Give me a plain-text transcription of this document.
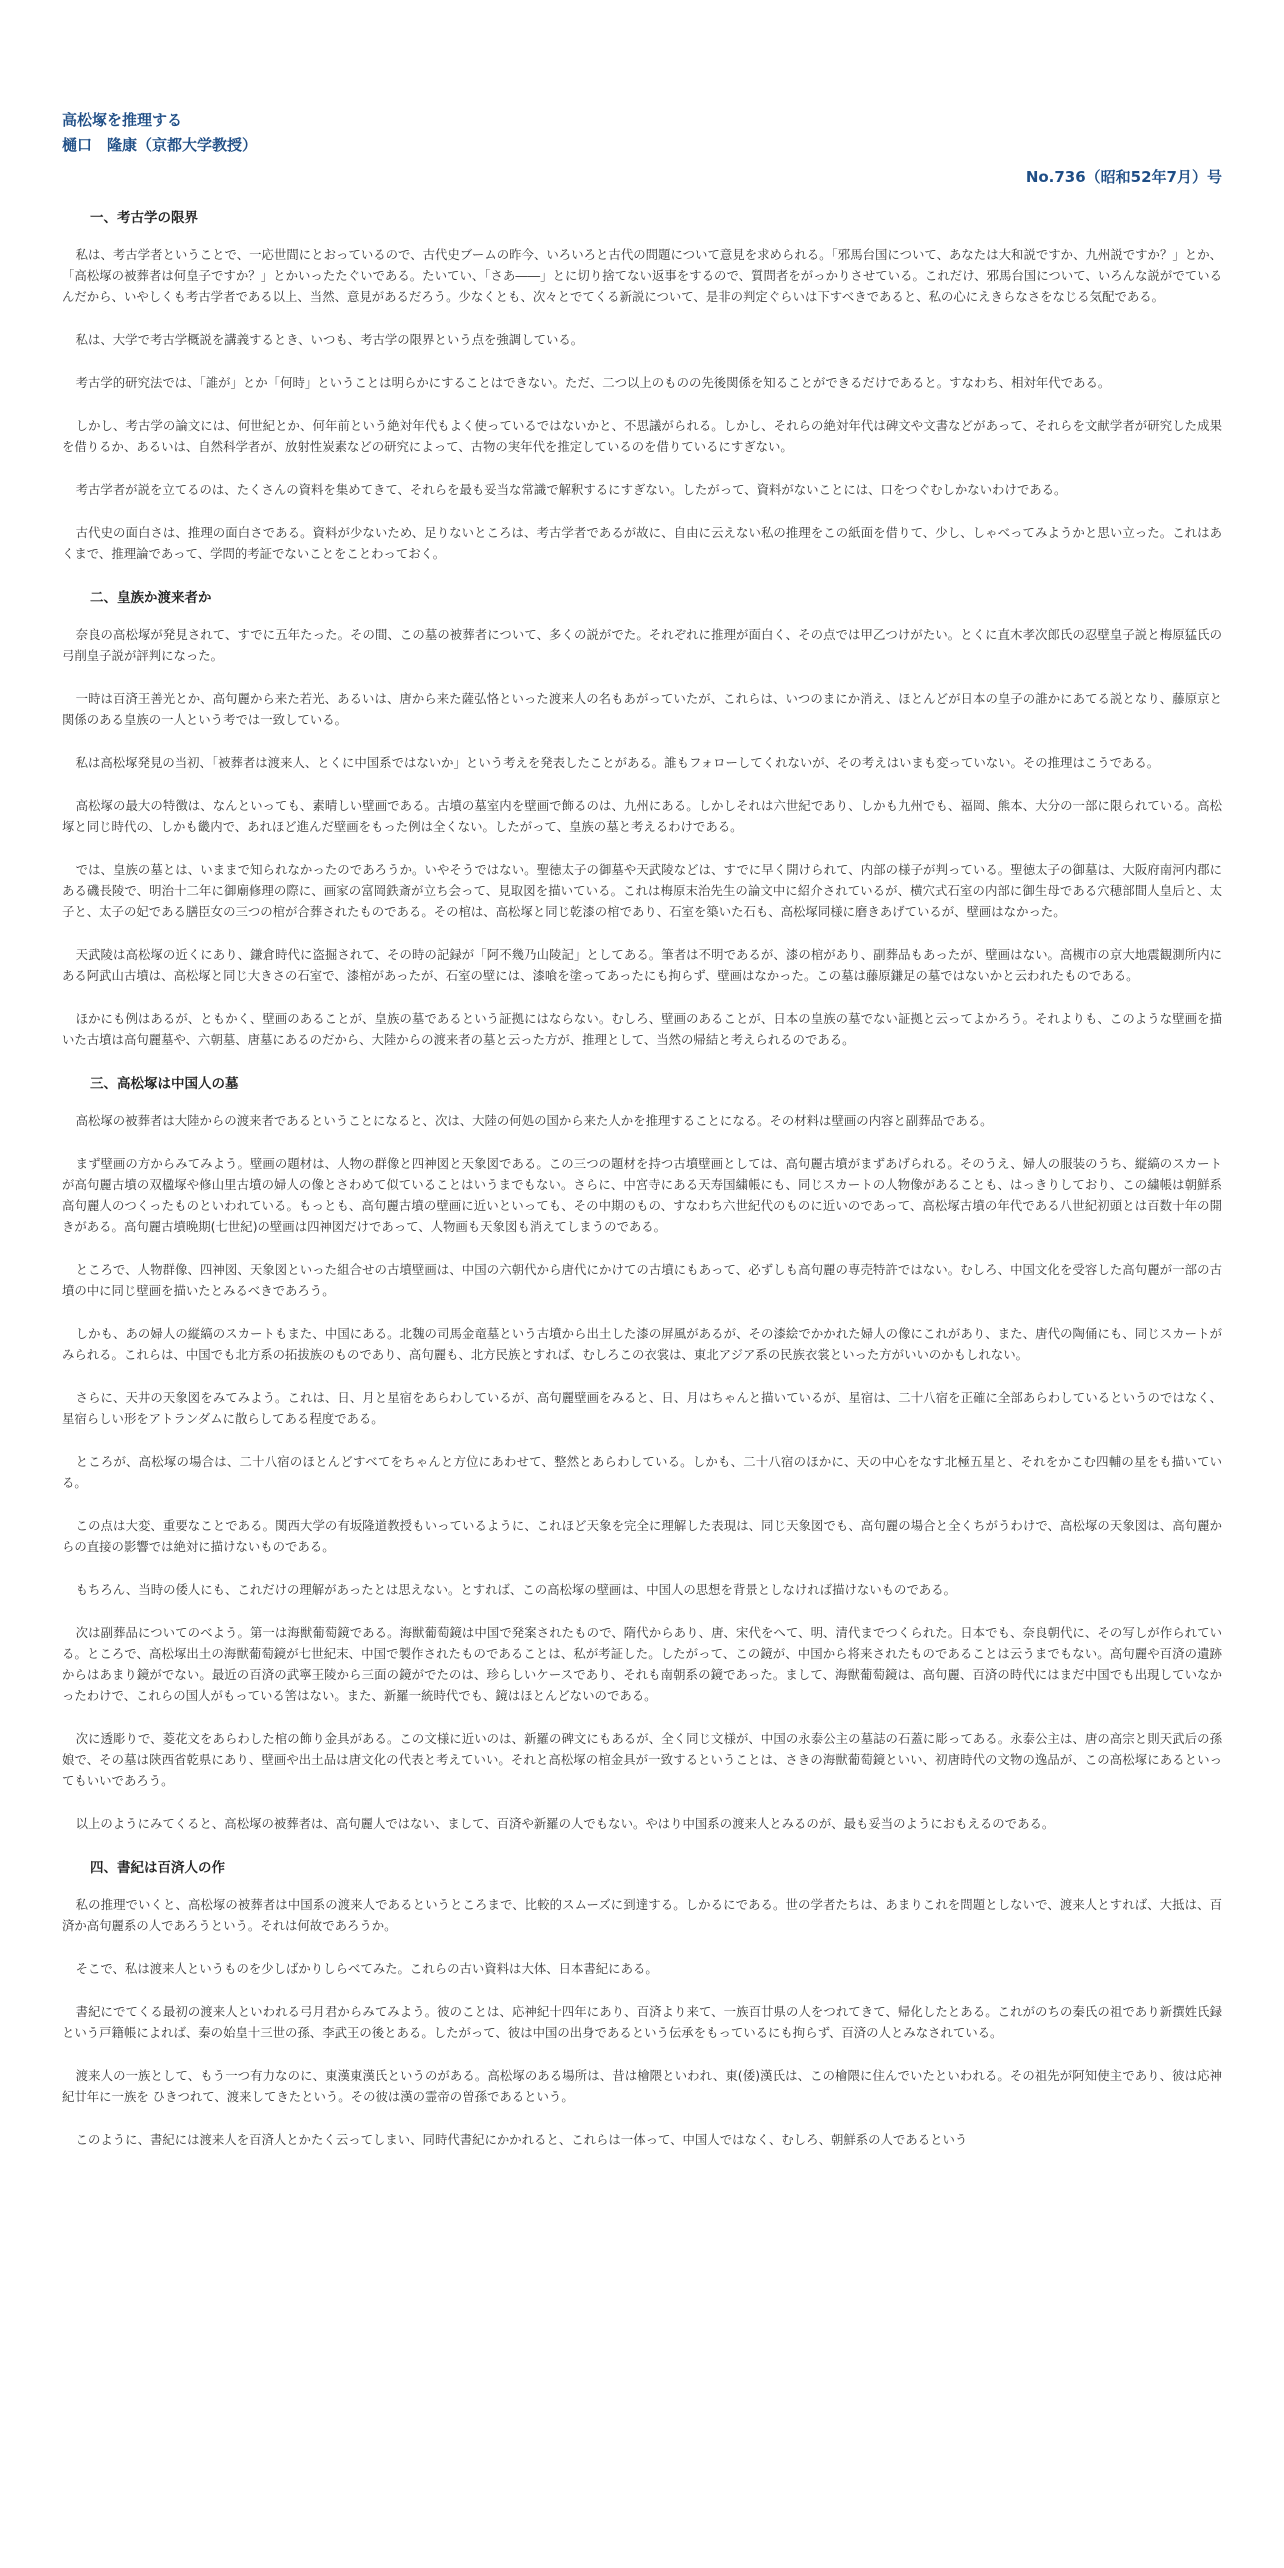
高松塚を推理する
樋口　隆康（京都大学教授）
No.736（昭和52年7月）号
一、考古学の限界

私は、考古学者ということで、一応世間にとおっているので、古代史ブームの昨今、いろいろと古代の問題について意見を求められる。「邪馬台国について、あなたは大和説ですか、九州説ですか？」とか、「高松塚の被葬者は何皇子ですか？」とかいったたぐいである。たいてい、「さあ――」とに切り捨てない返事をするので、質問者をがっかりさせている。これだけ、邪馬台国について、いろんな説がでているんだから、いやしくも考古学者である以上、当然、意見があるだろう。少なくとも、次々とでてくる新説について、是非の判定ぐらいは下すべきであると、私の心にえきらなさをなじる気配である。

私は、大学で考古学概説を講義するとき、いつも、考古学の限界という点を強調している。

考古学的研究法では、「誰が」とか「何時」ということは明らかにすることはできない。ただ、二つ以上のものの先後関係を知ることができるだけであると。すなわち、相対年代である。

しかし、考古学の論文には、何世紀とか、何年前という絶対年代もよく使っているではないかと、不思議がられる。しかし、それらの絶対年代は碑文や文書などがあって、それらを文献学者が研究した成果を借りるか、あるいは、自然科学者が、放射性炭素などの研究によって、古物の実年代を推定しているのを借りているにすぎない。

考古学者が説を立てるのは、たくさんの資料を集めてきて、それらを最も妥当な常識で解釈するにすぎない。したがって、資料がないことには、口をつぐむしかないわけである。

古代史の面白さは、推理の面白さである。資料が少ないため、足りないところは、考古学者であるが故に、自由に云えない私の推理をこの紙面を借りて、少し、しゃべってみようかと思い立った。これはあくまで、推理論であって、学問的考証でないことをことわっておく。

二、皇族か渡来者か

奈良の高松塚が発見されて、すでに五年たった。その間、この墓の被葬者について、多くの説がでた。それぞれに推理が面白く、その点では甲乙つけがたい。とくに直木孝次郎氏の忍壁皇子説と梅原猛氏の弓削皇子説が評判になった。

一時は百済王善光とか、高句麗から来た若光、あるいは、唐から来た薩弘恪といった渡来人の名もあがっていたが、これらは、いつのまにか消え、ほとんどが日本の皇子の誰かにあてる説となり、藤原京と関係のある皇族の一人という考では一致している。

私は高松塚発見の当初、「被葬者は渡来人、とくに中国系ではないか」という考えを発表したことがある。誰もフォローしてくれないが、その考えはいまも変っていない。その推理はこうである。

高松塚の最大の特徴は、なんといっても、素晴しい壁画である。古墳の墓室内を壁画で飾るのは、九州にある。しかしそれは六世紀であり、しかも九州でも、福岡、熊本、大分の一部に限られている。高松塚と同じ時代の、しかも畿内で、あれほど進んだ壁画をもった例は全くない。したがって、皇族の墓と考えるわけである。

では、皇族の墓とは、いままで知られなかったのであろうか。いやそうではない。聖徳太子の御墓や天武陵などは、すでに早く開けられて、内部の様子が判っている。聖徳太子の御墓は、大阪府南河内郡にある磯長陵で、明治十二年に御廟修理の際に、画家の富岡鉄斎が立ち会って、見取図を描いている。これは梅原末治先生の論文中に紹介されているが、横穴式石室の内部に御生母である穴穂部間人皇后と、太子と、太子の妃である膳臣女の三つの棺が合葬されたものである。その棺は、高松塚と同じ乾漆の棺であり、石室を築いた石も、高松塚同様に磨きあげているが、壁画はなかった。

天武陵は高松塚の近くにあり、鎌倉時代に盗掘されて、その時の記録が「阿不幾乃山陵記」としてある。筆者は不明であるが、漆の棺があり、副葬品もあったが、壁画はない。高槻市の京大地震観測所内にある阿武山古墳は、高松塚と同じ大きさの石室で、漆棺があったが、石室の壁には、漆喰を塗ってあったにも拘らず、壁画はなかった。この墓は藤原鎌足の墓ではないかと云われたものである。

ほかにも例はあるが、ともかく、壁画のあることが、皇族の墓であるという証拠にはならない。むしろ、壁画のあることが、日本の皇族の墓でない証拠と云ってよかろう。それよりも、このような壁画を描いた古墳は高句麗墓や、六朝墓、唐墓にあるのだから、大陸からの渡来者の墓と云った方が、推理として、当然の帰結と考えられるのである。

三、高松塚は中国人の墓

高松塚の被葬者は大陸からの渡来者であるということになると、次は、大陸の何処の国から来た人かを推理することになる。その材料は壁画の内容と副葬品である。

まず壁画の方からみてみよう。壁画の題材は、人物の群像と四神図と天象図である。この三つの題材を持つ古墳壁画としては、高句麗古墳がまずあげられる。そのうえ、婦人の服装のうち、縦縞のスカートが高句麗古墳の双楹塚や修山里古墳の婦人の像とさわめて似ていることはいうまでもない。さらに、中宮寺にある天寿国繍帳にも、同じスカートの人物像があることも、はっきりしており、この繍帳は朝鮮系高句麗人のつくったものといわれている。もっとも、高句麗古墳の壁画に近いといっても、その中期のもの、すなわち六世紀代のものに近いのであって、高松塚古墳の年代である八世紀初頭とは百数十年の開きがある。高句麗古墳晩期(七世紀)の壁画は四神図だけであって、人物画も天象図も消えてしまうのである。

ところで、人物群像、四神図、天象図といった組合せの古墳壁画は、中国の六朝代から唐代にかけての古墳にもあって、必ずしも高句麗の専売特許ではない。むしろ、中国文化を受容した高句麗が一部の古墳の中に同じ壁画を描いたとみるべきであろう。

しかも、あの婦人の縦縞のスカートもまた、中国にある。北魏の司馬金竜墓という古墳から出土した漆の屏風があるが、その漆絵でかかれた婦人の像にこれがあり、また、唐代の陶俑にも、同じスカートがみられる。これらは、中国でも北方系の拓拔族のものであり、高句麗も、北方民族とすれば、むしろこの衣裳は、東北アジア系の民族衣裳といった方がいいのかもしれない。

さらに、天井の天象図をみてみよう。これは、日、月と星宿をあらわしているが、高句麗壁画をみると、日、月はちゃんと描いているが、星宿は、二十八宿を正確に全部あらわしているというのではなく、星宿らしい形をアトランダムに散らしてある程度である。

ところが、高松塚の場合は、二十八宿のほとんどすべてをちゃんと方位にあわせて、整然とあらわしている。しかも、二十八宿のほかに、天の中心をなす北極五星と、それをかこむ四輔の星をも描いている。

この点は大変、重要なことである。関西大学の有坂隆道教授もいっているように、これほど天象を完全に理解した表現は、同じ天象図でも、高句麗の場合と全くちがうわけで、高松塚の天象図は、高句麗からの直接の影響では絶対に描けないものである。

もちろん、当時の倭人にも、これだけの理解があったとは思えない。とすれば、この高松塚の壁画は、中国人の思想を背景としなければ描けないものである。

次は副葬品についてのべよう。第一は海獣葡萄鏡である。海獣葡萄鏡は中国で発案されたもので、隋代からあり、唐、宋代をへて、明、清代までつくられた。日本でも、奈良朝代に、その写しが作られている。ところで、高松塚出土の海獣葡萄鏡が七世紀末、中国で製作されたものであることは、私が考証した。したがって、この鏡が、中国から将来されたものであることは云うまでもない。高句麗や百済の遺跡からはあまり鏡がでない。最近の百済の武寧王陵から三面の鏡がでたのは、珍らしいケースであり、それも南朝系の鏡であった。まして、海獣葡萄鏡は、高句麗、百済の時代にはまだ中国でも出現していなかったわけで、これらの国人がもっている筈はない。また、新羅一統時代でも、鏡はほとんどないのである。

次に透彫りで、菱花文をあらわした棺の飾り金具がある。この文様に近いのは、新羅の碑文にもあるが、全く同じ文様が、中国の永泰公主の墓誌の石蓋に彫ってある。永泰公主は、唐の高宗と則天武后の孫娘で、その墓は陝西省乾県にあり、壁画や出土品は唐文化の代表と考えていい。それと高松塚の棺金具が一致するということは、さきの海獣葡萄鏡といい、初唐時代の文物の逸品が、この高松塚にあるといってもいいであろう。

以上のようにみてくると、高松塚の被葬者は、高句麗人ではない、まして、百済や新羅の人でもない。やはり中国系の渡来人とみるのが、最も妥当のようにおもえるのである。

四、書紀は百済人の作

私の推理でいくと、高松塚の被葬者は中国系の渡来人であるというところまで、比較的スムーズに到達する。しかるにである。世の学者たちは、あまりこれを問題としないで、渡来人とすれば、大抵は、百済か高句麗系の人であろうという。それは何故であろうか。

そこで、私は渡来人というものを少しばかりしらべてみた。これらの古い資料は大体、日本書紀にある。

書紀にでてくる最初の渡来人といわれる弓月君からみてみよう。彼のことは、応神紀十四年にあり、百済より来て、一族百廿県の人をつれてきて、帰化したとある。これがのちの秦氏の祖であり新撰姓氏録という戸籍帳によれば、秦の始皇十三世の孫、李武王の後とある。したがって、彼は中国の出身であるという伝承をもっているにも拘らず、百済の人とみなされている。

渡来人の一族として、もう一つ有力なのに、東漢東漢氏というのがある。高松塚のある場所は、昔は檜隈といわれ、東(倭)漢氏は、この檜隈に住んでいたといわれる。その祖先が阿知使主であり、彼は応神紀廿年に一族を ひきつれて、渡来してきたという。その彼は漢の霊帝の曽孫であるという。

このように、書紀には渡来人を百済人とかたく云ってしまい、同時代書紀にかかれると、これらは一体って、中国人ではなく、むしろ、朝鮮系の人であるという
